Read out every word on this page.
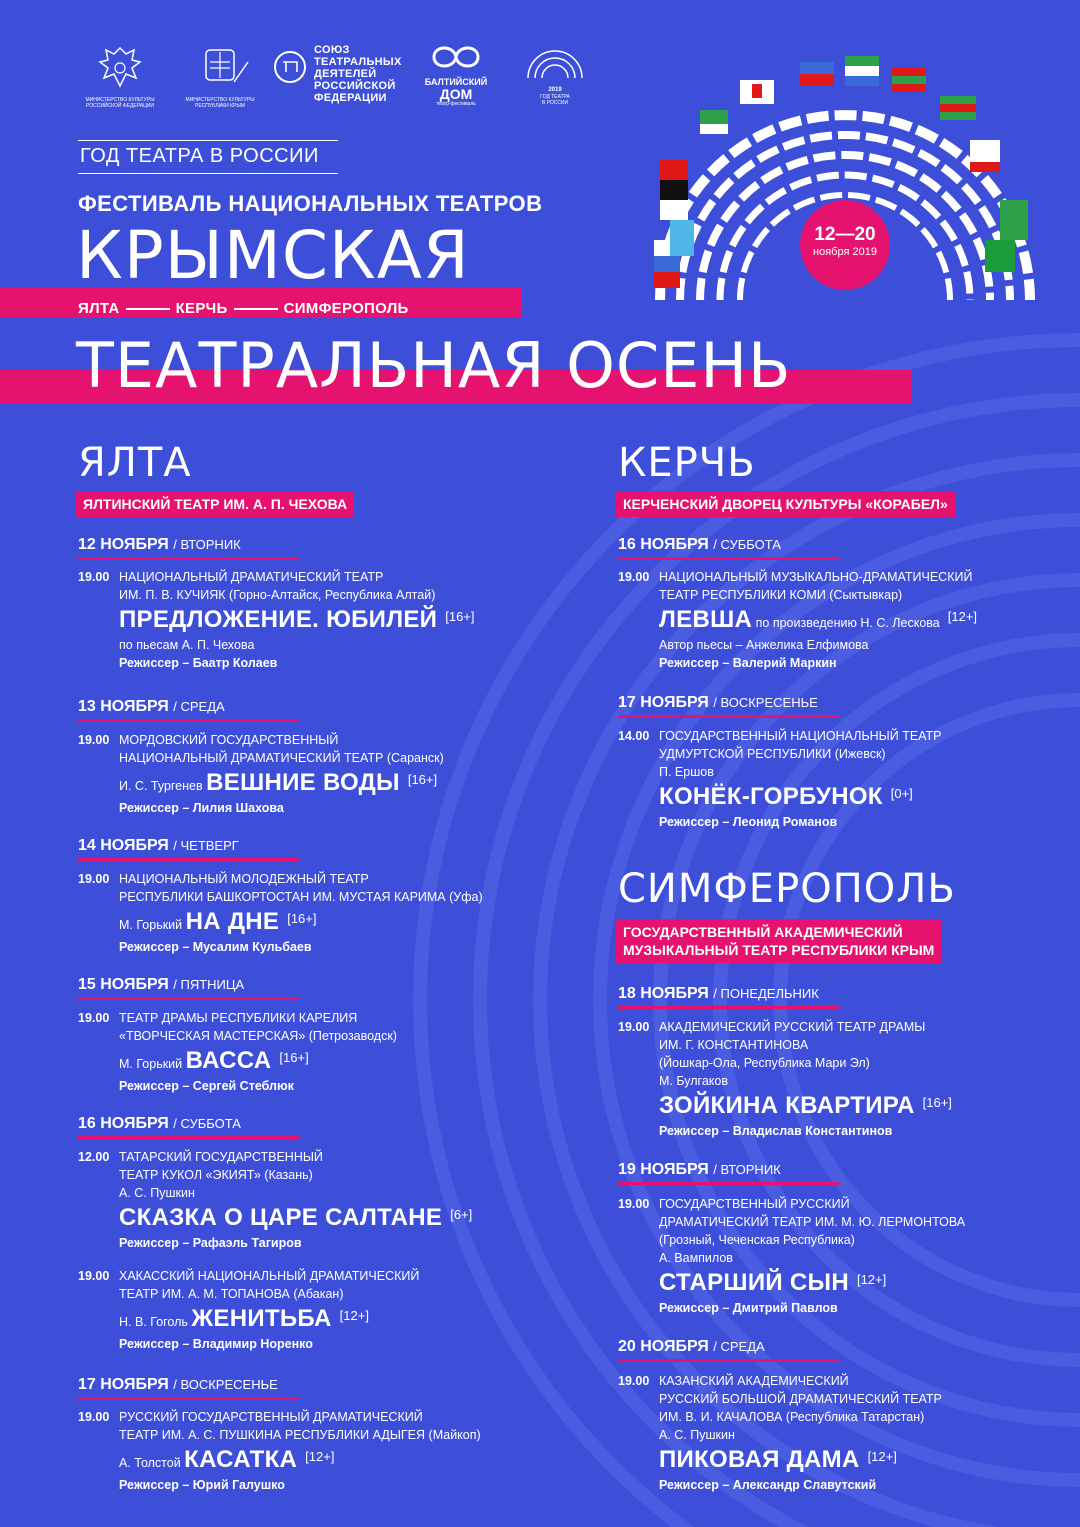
МИНИСТЕРСТВО КУЛЬТУРЫ РОССИЙСКОЙ ФЕДЕРАЦИИ
МИНИСТЕРСТВО КУЛЬТУРЫ РЕСПУБЛИКИ КРЫМ
СОЮЗ
ТЕАТРАЛЬНЫХ
ДЕЯТЕЛЕЙ
РОССИЙСКОЙ
ФЕДЕРАЦИИ
БАЛТИЙСКИЙ
ДОМ
театр-фестиваль
2019
ГОД ТЕАТРА
В РОССИИ
12—20
ноября 2019
ГОД ТЕАТРА В РОССИИ
ФЕСТИВАЛЬ НАЦИОНАЛЬНЫХ ТЕАТРОВ
КРЫМСКАЯ
ЯЛТА	КЕРЧЬ	СИМФЕРОПОЛЬ
ТЕАТРАЛЬНАЯ ОСЕНЬ
ЯЛТА
ЯЛТИНСКИЙ ТЕАТР ИМ. А. П. ЧЕХОВА
12 НОЯБРЯ / ВТОРНИК
19.00 НАЦИОНАЛЬНЫЙ ДРАМАТИЧЕСКИЙ ТЕАТР
ИМ. П. В. КУЧИЯК (Горно-Алтайск, Республика Алтай)
ПРЕДЛОЖЕНИЕ. ЮБИЛЕЙ [16+]
по пьесам А. П. Чехова
Режиссер – Баатр Колаев
13 НОЯБРЯ / СРЕДА
19.00 МОРДОВСКИЙ ГОСУДАРСТВЕННЫЙ
НАЦИОНАЛЬНЫЙ ДРАМАТИЧЕСКИЙ ТЕАТР (Саранск)
И. С. Тургенев ВЕШНИЕ ВОДЫ [16+]
Режиссер – Лилия Шахова
14 НОЯБРЯ / ЧЕТВЕРГ
19.00 НАЦИОНАЛЬНЫЙ МОЛОДЕЖНЫЙ ТЕАТР
РЕСПУБЛИКИ БАШКОРТОСТАН ИМ. МУСТАЯ КАРИМА (Уфа)
М. Горький НА ДНЕ [16+]
Режиссер – Мусалим Кульбаев
15 НОЯБРЯ / ПЯТНИЦА
19.00 ТЕАТР ДРАМЫ РЕСПУБЛИКИ КАРЕЛИЯ
«ТВОРЧЕСКАЯ МАСТЕРСКАЯ» (Петрозаводск)
М. Горький ВАССА [16+]
Режиссер – Сергей Стеблюк
16 НОЯБРЯ / СУББОТА
12.00 ТАТАРСКИЙ ГОСУДАРСТВЕННЫЙ
ТЕАТР КУКОЛ «ЭКИЯТ» (Казань)
А. С. Пушкин
СКАЗКА О ЦАРЕ САЛТАНЕ [6+]
Режиссер – Рафаэль Тагиров
19.00 ХАКАССКИЙ НАЦИОНАЛЬНЫЙ ДРАМАТИЧЕСКИЙ
ТЕАТР ИМ. А. М. ТОПАНОВА (Абакан)
Н. В. Гоголь ЖЕНИТЬБА [12+]
Режиссер – Владимир Норенко
17 НОЯБРЯ / ВОСКРЕСЕНЬЕ
19.00 РУССКИЙ ГОСУДАРСТВЕННЫЙ ДРАМАТИЧЕСКИЙ
ТЕАТР ИМ. А. С. ПУШКИНА РЕСПУБЛИКИ АДЫГЕЯ (Майкоп)
А. Толстой КАСАТКА [12+]
Режиссер – Юрий Галушко
КЕРЧЬ
КЕРЧЕНСКИЙ ДВОРЕЦ КУЛЬТУРЫ «КОРАБЕЛ»
16 НОЯБРЯ / СУББОТА
19.00 НАЦИОНАЛЬНЫЙ МУЗЫКАЛЬНО-ДРАМАТИЧЕСКИЙ
ТЕАТР РЕСПУБЛИКИ КОМИ (Сыктывкар)
ЛЕВША по произведению Н. С. Лескова [12+]
Автор пьесы – Анжелика Елфимова
Режиссер – Валерий Маркин
17 НОЯБРЯ / ВОСКРЕСЕНЬЕ
14.00 ГОСУДАРСТВЕННЫЙ НАЦИОНАЛЬНЫЙ ТЕАТР
УДМУРТСКОЙ РЕСПУБЛИКИ (Ижевск)
П. Ершов
КОНЁК-ГОРБУНОК [0+]
Режиссер – Леонид Романов
СИМФЕРОПОЛЬ
ГОСУДАРСТВЕННЫЙ АКАДЕМИЧЕСКИЙ
МУЗЫКАЛЬНЫЙ ТЕАТР РЕСПУБЛИКИ КРЫМ
18 НОЯБРЯ / ПОНЕДЕЛЬНИК
19.00 АКАДЕМИЧЕСКИЙ РУССКИЙ ТЕАТР ДРАМЫ
ИМ. Г. КОНСТАНТИНОВА
(Йошкар-Ола, Республика Мари Эл)
М. Булгаков
ЗОЙКИНА КВАРТИРА [16+]
Режиссер – Владислав Константинов
19 НОЯБРЯ / ВТОРНИК
19.00 ГОСУДАРСТВЕННЫЙ РУССКИЙ
ДРАМАТИЧЕСКИЙ ТЕАТР ИМ. М. Ю. ЛЕРМОНТОВА
(Грозный, Чеченская Республика)
А. Вампилов
СТАРШИЙ СЫН [12+]
Режиссер – Дмитрий Павлов
20 НОЯБРЯ / СРЕДА
19.00 КАЗАНСКИЙ АКАДЕМИЧЕСКИЙ
РУССКИЙ БОЛЬШОЙ ДРАМАТИЧЕСКИЙ ТЕАТР
ИМ. В. И. КАЧАЛОВА (Республика Татарстан)
А. С. Пушкин
ПИКОВАЯ ДАМА [12+]
Режиссер – Александр Славутский
